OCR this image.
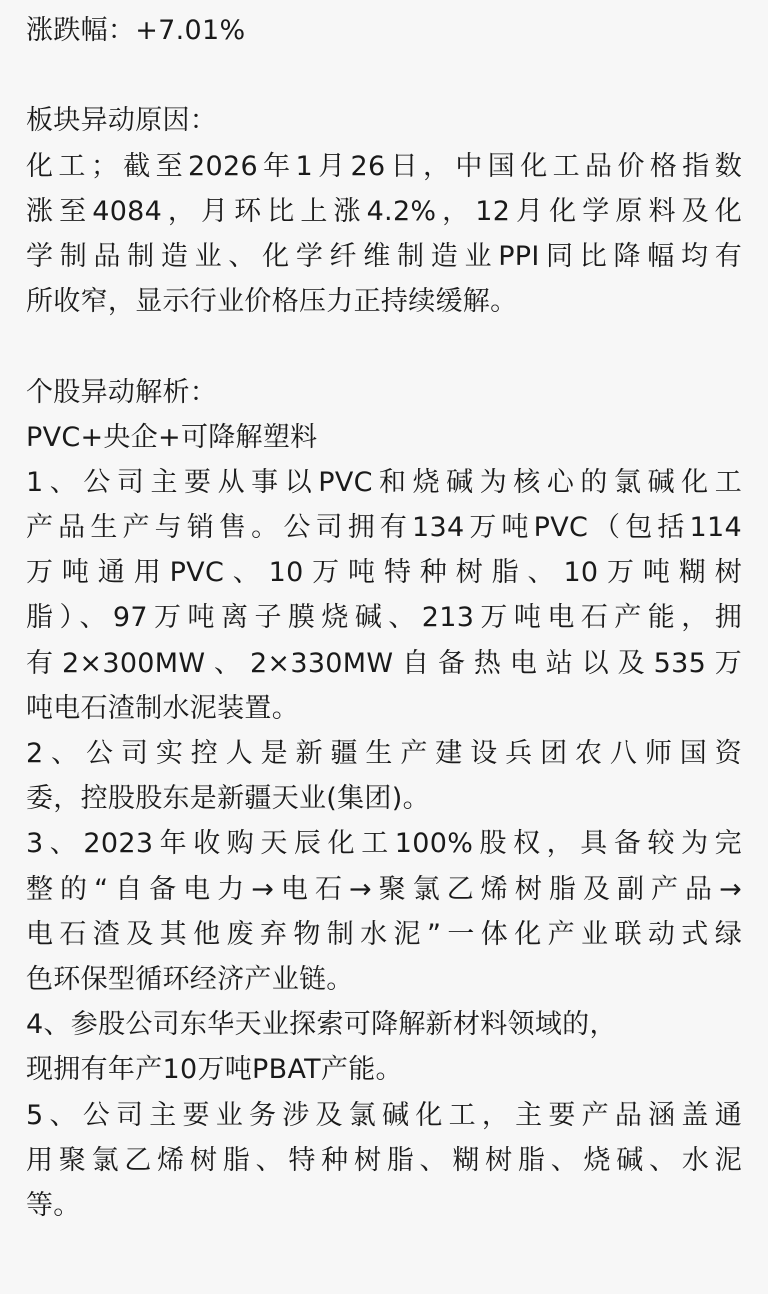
涨跌幅：+7.01%
板块异动原因：
化工；截至2026年1月26日，中国化工品价格指数
涨至4084，月环比上涨4.2%，12月化学原料及化
学制品制造业、化学纤维制造业PPI同比降幅均有
所收窄，显示行业价格压力正持续缓解。
个股异动解析：
PVC+央企+可降解塑料
1、公司主要从事以PVC和烧碱为核心的氯碱化工
产品生产与销售。公司拥有134万吨PVC（包括114
万吨通用PVC、10万吨特种树脂、10万吨糊树
脂）、97万吨离子膜烧碱、213万吨电石产能，拥
有2×300MW、2×330MW自备热电站以及535万
吨电石渣制水泥装置。
2、公司实控人是新疆生产建设兵团农八师国资
委，控股股东是新疆天业(集团)。
3、2023年收购天辰化工100%股权，具备较为完
整的“自备电力→电石→聚氯乙烯树脂及副产品→
电石渣及其他废弃物制水泥”一体化产业联动式绿
色环保型循环经济产业链。
4、参股公司东华天业探索可降解新材料领域的，
现拥有年产10万吨PBAT产能。
5、公司主要业务涉及氯碱化工，主要产品涵盖通
用聚氯乙烯树脂、特种树脂、糊树脂、烧碱、水泥
等。
